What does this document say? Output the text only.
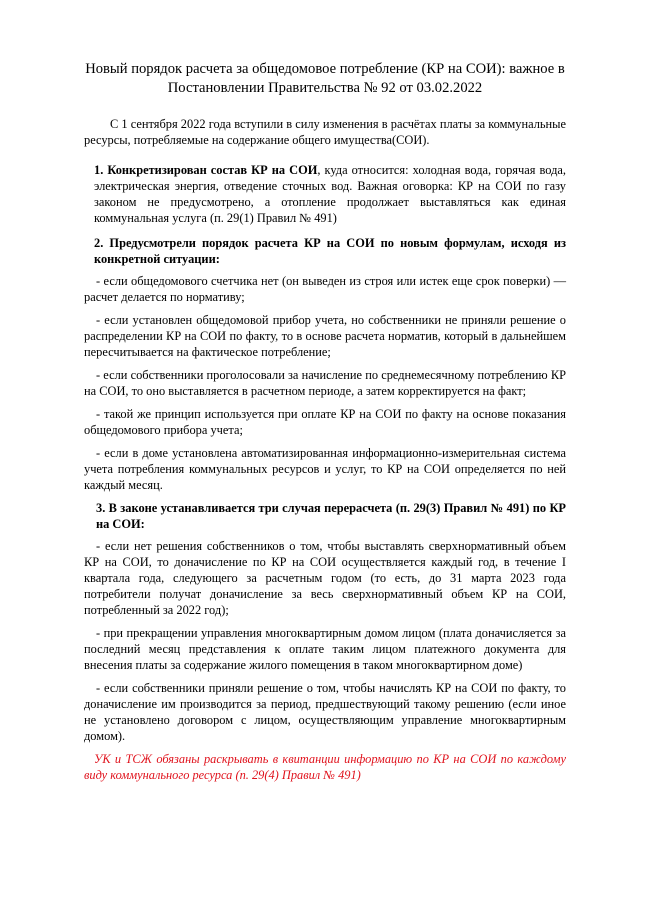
Новый порядок расчета за общедомовое потребление (КР на СОИ): важное в
Постановлении Правительства № 92 от 03.02.2022

С 1 сентября 2022 года вступили в силу изменения в расчётах платы за коммунальные ресурсы, потребляемые на содержание общего имущества(СОИ).

1. Конкретизирован состав КР на СОИ, куда относится: холодная вода, горячая вода, электрическая энергия, отведение сточных вод. Важная оговорка: КР на СОИ по газу законом не предусмотрено, а отопление продолжает выставляться как единая коммунальная услуга (п. 29(1) Правил № 491)

2. Предусмотрели порядок расчета КР на СОИ по новым формулам, исходя из конкретной ситуации:

- если общедомового счетчика нет (он выведен из строя или истек еще срок поверки) — расчет делается по нормативу;

- если установлен общедомовой прибор учета, но собственники не приняли решение о распределении КР на СОИ по факту, то в основе расчета норматив, который в дальнейшем пересчитывается на фактическое потребление;

- если собственники проголосовали за начисление по среднемесячному потреблению КР на СОИ, то оно выставляется в расчетном периоде, а затем корректируется на факт;

- такой же принцип используется при оплате КР на СОИ по факту на основе показания общедомового прибора учета;

- если в доме установлена автоматизированная информационно-измерительная система учета потребления коммунальных ресурсов и услуг, то КР на СОИ определяется по ней каждый месяц.

3. В законе устанавливается три случая перерасчета (п. 29(3) Правил № 491) по КР на СОИ:

- если нет решения собственников о том, чтобы выставлять сверхнормативный объем КР на СОИ, то доначисление по КР на СОИ осуществляется каждый год, в течение I квартала года, следующего за расчетным годом (то есть, до 31 марта 2023 года потребители получат доначисление за весь сверхнормативный объем КР на СОИ, потребленный за 2022 год);

- при прекращении управления многоквартирным домом лицом (плата доначисляется за последний месяц представления к оплате таким лицом платежного документа для внесения платы за содержание жилого помещения в таком многоквартирном доме)

- если собственники приняли решение о том, чтобы начислять КР на СОИ по факту, то доначисление им производится за период, предшествующий такому решению (если иное не установлено договором с лицом, осуществляющим управление многоквартирным домом).

УК и ТСЖ обязаны раскрывать в квитанции информацию по КР на СОИ по каждому виду коммунального ресурса (п. 29(4) Правил № 491)
